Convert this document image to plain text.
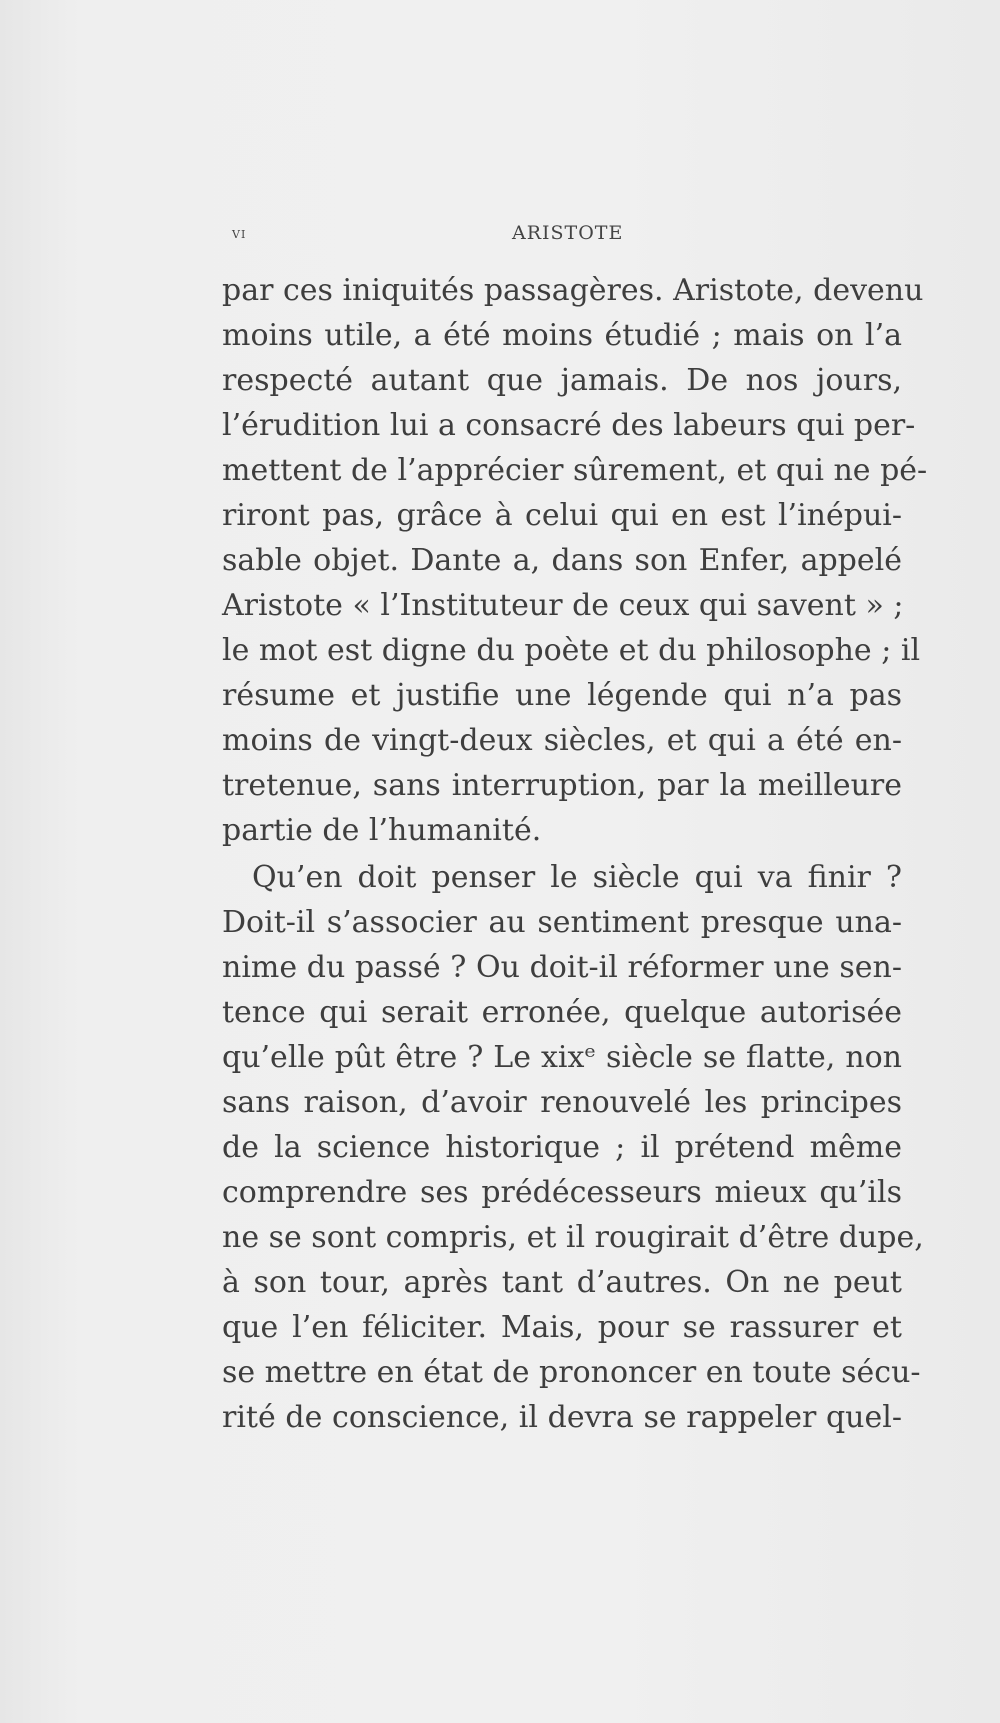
vi	ARISTOTE
par ces iniquités passagères. Aristote, devenu
moins utile, a été moins étudié ; mais on l’a
respecté autant que jamais. De nos jours,
l’érudition lui a consacré des labeurs qui per-
mettent de l’apprécier sûrement, et qui ne pé-
riront pas, grâce à celui qui en est l’inépui-
sable objet. Dante a, dans son Enfer, appelé
Aristote « l’Instituteur de ceux qui savent » ;
le mot est digne du poète et du philosophe ; il
résume et justifie une légende qui n’a pas
moins de vingt-deux siècles, et qui a été en-
tretenue, sans interruption, par la meilleure
partie de l’humanité.
Qu’en doit penser le siècle qui va finir ?
Doit-il s’associer au sentiment presque una-
nime du passé ? Ou doit-il réformer une sen-
tence qui serait erronée, quelque autorisée
qu’elle pût être ? Le xixᵉ siècle se flatte, non
sans raison, d’avoir renouvelé les principes
de la science historique ; il prétend même
comprendre ses prédécesseurs mieux qu’ils
ne se sont compris, et il rougirait d’être dupe,
à son tour, après tant d’autres. On ne peut
que l’en féliciter. Mais, pour se rassurer et
se mettre en état de prononcer en toute sécu-
rité de conscience, il devra se rappeler quel-
